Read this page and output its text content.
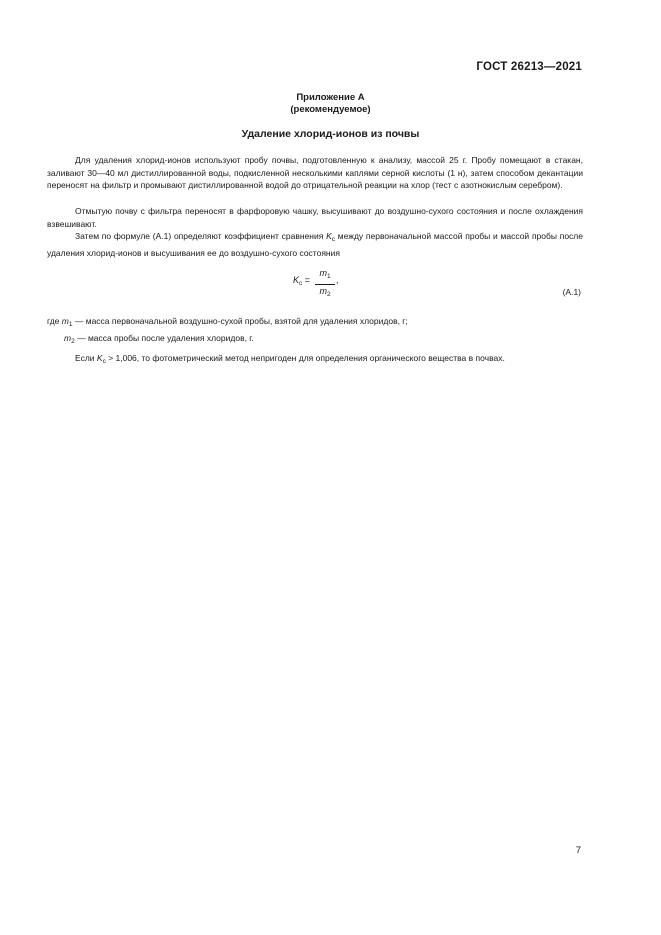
ГОСТ 26213—2021
Приложение А
(рекомендуемое)
Удаление хлорид-ионов из почвы

Для удаления хлорид-ионов используют пробу почвы, подготовленную к анализу, массой 25 г. Пробу помещают в стакан, заливают 30—40 мл дистиллированной воды, подкисленной несколькими каплями серной кислоты (1 н), затем способом декантации переносят на фильтр и промывают дистиллированной водой до отрицательной реакции на хлор (тест с азотнокислым серебром).

Отмытую почву с фильтра переносят в фарфоровую чашку, высушивают до воздушно-сухого состояния и после охлаждения взвешивают.

Затем по формуле (А.1) определяют коэффициент сравнения $K_c$ между первоначальной массой пробы и массой пробы после удаления хлорид-ионов и высушивания ее до воздушно-сухого состояния

$K_c$ =
$m_1$
$m_2$
,
(А.1)
где $m_1$ — масса первоначальной воздушно-сухой пробы, взятой для удаления хлоридов, г;
$m_2$ — масса пробы после удаления хлоридов, г.

Если $K_c > 1,006$, то фотометрический метод непригоден для определения органического вещества в почвах.

7
